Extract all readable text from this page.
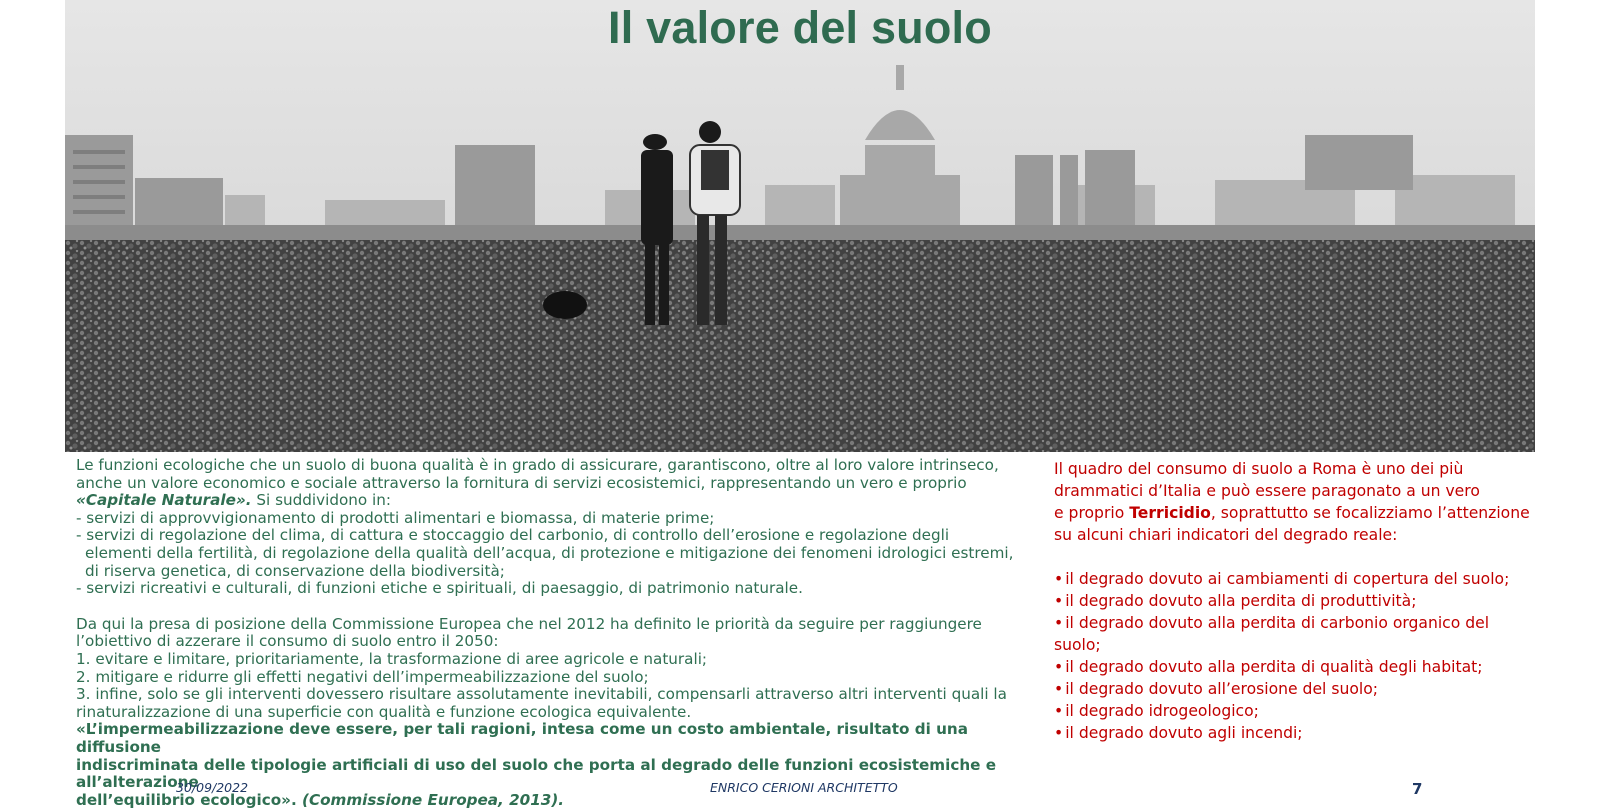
Il valore del suolo

Le funzioni ecologiche che un suolo di buona qualità è in grado di assicurare, garantiscono, oltre al loro valore intrinseco,

anche un valore economico e sociale attraverso la fornitura di servizi ecosistemici, rappresentando un vero e proprio

«Capitale Naturale». Si suddividono in:

- servizi di approvvigionamento di prodotti alimentari e biomassa, di materie prime;

- servizi di regolazione del clima, di cattura e stoccaggio del carbonio, di controllo dell’erosione e regolazione degli

elementi della fertilità, di regolazione della qualità dell’acqua, di protezione e mitigazione dei fenomeni idrologici estremi,

di riserva genetica, di conservazione della biodiversità;

- servizi ricreativi e culturali, di funzioni etiche e spirituali, di paesaggio, di patrimonio naturale.

Da qui la presa di posizione della Commissione Europea che nel 2012 ha definito le priorità da seguire per raggiungere

l’obiettivo di azzerare il consumo di suolo entro il 2050:

1. evitare e limitare, prioritariamente, la trasformazione di aree agricole e naturali;

2. mitigare e ridurre gli effetti negativi dell’impermeabilizzazione del suolo;

3. infine, solo se gli interventi dovessero risultare assolutamente inevitabili, compensarli attraverso altri interventi quali la

rinaturalizzazione di una superficie con qualità e funzione ecologica equivalente.

«L’impermeabilizzazione deve essere, per tali ragioni, intesa come un costo ambientale, risultato di una diffusione

indiscriminata delle tipologie artificiali di uso del suolo che porta al degrado delle funzioni ecosistemiche e all’alterazione

dell’equilibrio ecologico». (Commissione Europea, 2013).

Il quadro del consumo di suolo a Roma è uno dei più

drammatici d’Italia e può essere paragonato a un vero

e proprio Terricidio, soprattutto se focalizziamo l’attenzione

su alcuni chiari indicatori del degrado reale:

• il degrado dovuto ai cambiamenti di copertura del suolo;
• il degrado dovuto alla perdita di produttività;
• il degrado dovuto alla perdita di carbonio organico del suolo;
• il degrado dovuto alla perdita di qualità degli habitat;
• il degrado dovuto all’erosione del suolo;
• il degrado idrogeologico;
• il degrado dovuto agli incendi;
30/09/2022	ENRICO CERIONI ARCHITETTO	7
